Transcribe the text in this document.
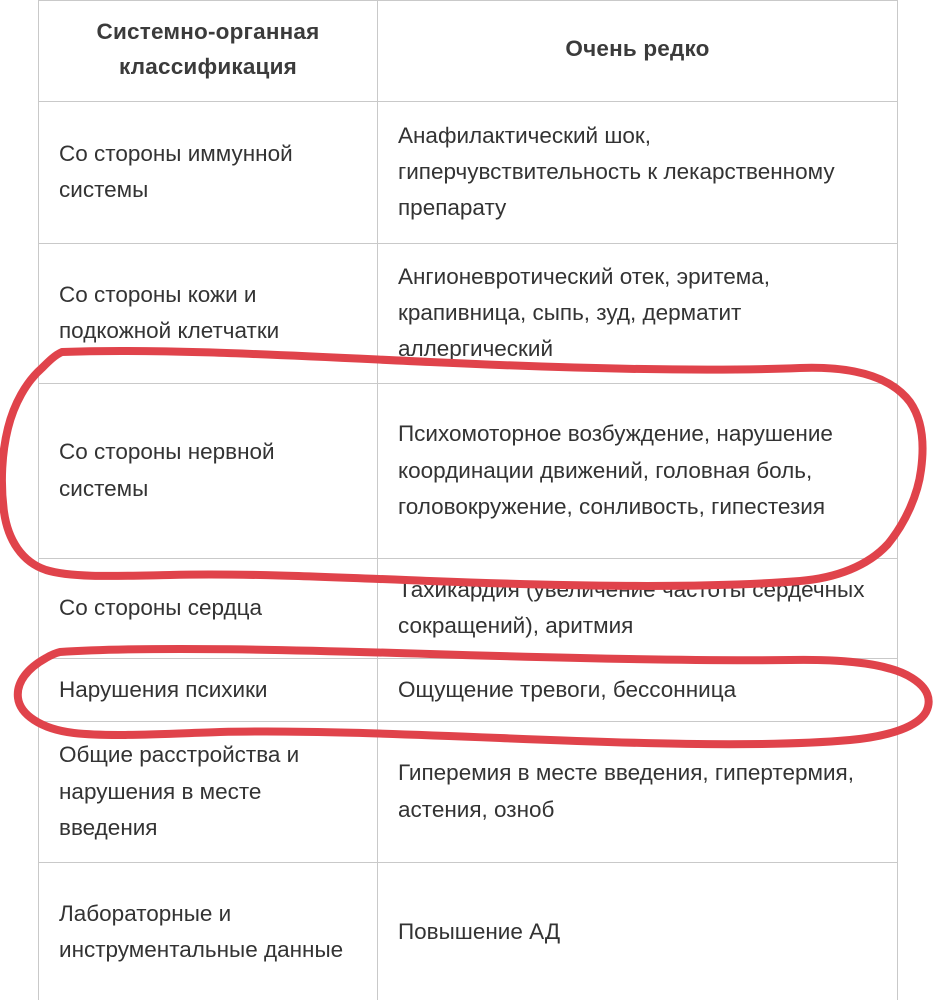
Системно-органная классификация	Очень редко
Со стороны иммунной системы	Анафилактический шок, гиперчувствительность к лекарственному препарату
Со стороны кожи и подкожной клетчатки	Ангионевротический отек, эритема, крапивница, сыпь, зуд, дерматит аллергический
Со стороны нервной системы	Психомоторное возбуждение, нарушение координации движений, головная боль, головокружение, сонливость, гипестезия
Со стороны сердца	Тахикардия (увеличение частоты сердечных сокращений), аритмия
Нарушения психики	Ощущение тревоги, бессонница
Общие расстройства и нарушения в месте введения	Гиперемия в месте введения, гипертермия, астения, озноб
Лабораторные и инструментальные данные	Повышение АД
